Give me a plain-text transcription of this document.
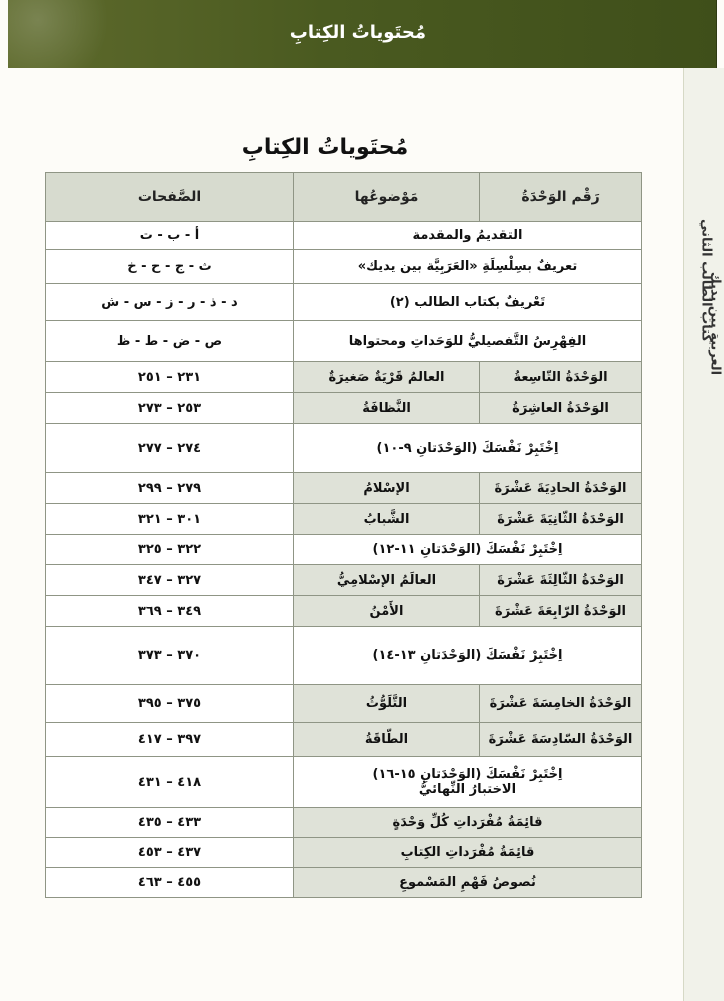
مُحتَوياتُ الكِتابِ
كتاب الطالب الثاني
العربية بين يديك
مُحتَوياتُ الكِتابِ
رَقْم الوَحْدَةُ	مَوْضوعُها	الصَّفحات
التقديمُ والمقدمة		أ - ب - ت
تعريفٌ بسِلْسِلَةِ «العَرَبِيَّة بين يديك»		ث - ج - ح - خ
تَعْريفٌ بكتاب الطالب (٢)		د - ذ - ر - ز - س - ش
الفِهْرِسُ التَّفصيليُّ للوَحَداتِ ومحتواها		ص - ض - ط - ظ
الوَحْدَةُ التّاسِعةُ	العالمُ قَرْيَةٌ صَغيرَةٌ	٢٣١ – ٢٥١
الوَحْدَةُ العاشِرَةُ	النَّظافَةُ	٢٥٣ – ٢٧٣
اِخْتَبِرْ نَفْسَكَ (الوَحْدَتانِ ٩-١٠)		٢٧٤ – ٢٧٧
الوَحْدَةُ الحادِيَةَ عَشْرَةَ	الإسْلامُ	٢٧٩ – ٢٩٩
الوَحْدَةُ الثّانِيَةَ عَشْرَةَ	الشَّبابُ	٣٠١ – ٣٢١
اِخْتَبِرْ نَفْسَكَ (الوَحْدَتانِ ١١-١٢)		٣٢٢ – ٣٢٥
الوَحْدَةُ الثّالِثَةَ عَشْرَةَ	العالَمُ الإسْلامِيُّ	٣٢٧ – ٣٤٧
الوَحْدَةُ الرّابِعَةَ عَشْرَةَ	الأَمْنُ	٣٤٩ – ٣٦٩
اِخْتَبِرْ نَفْسَكَ (الوَحْدَتانِ ١٣-١٤)		٣٧٠ – ٣٧٣
الوَحْدَةُ الخامِسَةَ عَشْرَةَ	التَّلَوُّثُ	٣٧٥ – ٣٩٥
الوَحْدَةُ السّادِسَةَ عَشْرَةَ	الطّاقَةُ	٣٩٧ – ٤١٧

اِخْتَبِرْ نَفْسَكَ (الوَحْدَتانِ ١٥-١٦)
الاختبارُ النِّهائيُّ		٤١٨ – ٤٣١
قائِمَةُ مُفْرَداتِ كُلِّ وَحْدَةٍ		٤٣٣ – ٤٣٥
قائِمَةُ مُفْرَداتِ الكِتابِ		٤٣٧ – ٤٥٣
نُصوصُ فَهْمِ المَسْموعِ		٤٥٥ – ٤٦٣
